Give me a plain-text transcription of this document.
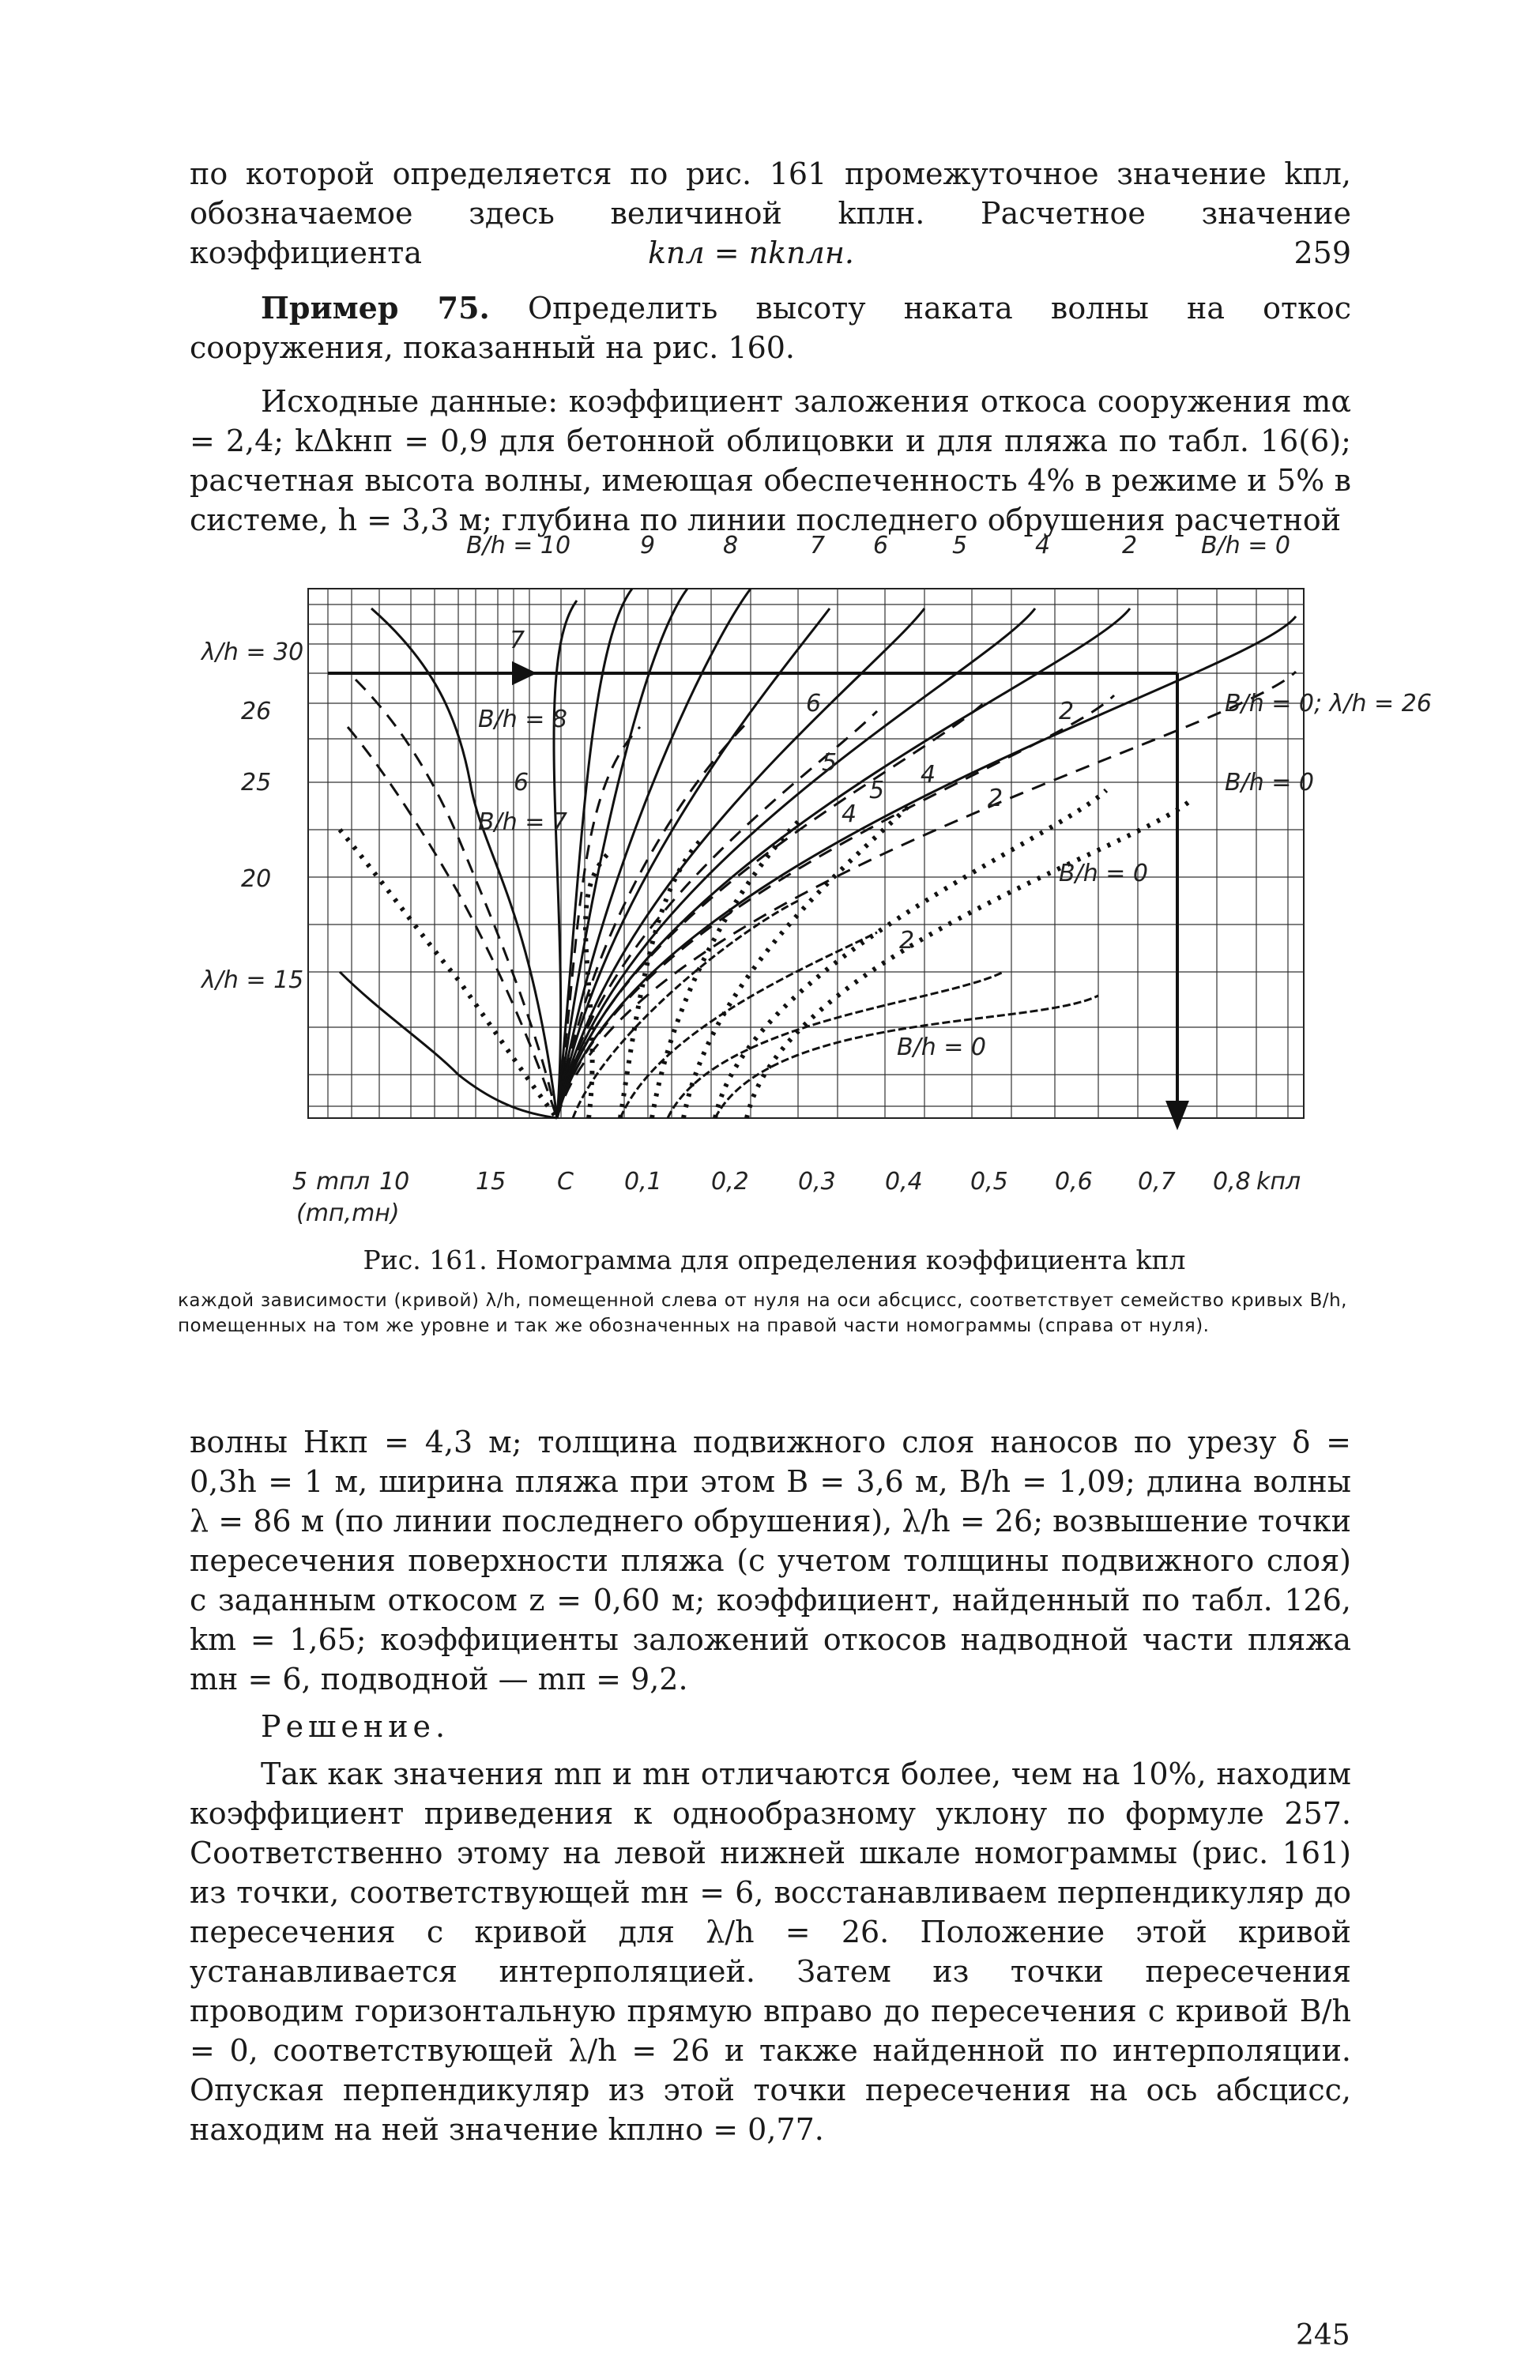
по которой определяется по рис. 161 промежуточное значение kпл, обозначаемое здесь величиной kплн. Расчетное значение коэффициента	kпл = nkплн.	259

Пример 75. Определить высоту наката волны на откос сооружения, показанный на рис. 160.

Исходные данные: коэффициент заложения откоса сооружения mα = 2,4; kΔkнп = 0,9 для бетонной облицовки и для пляжа по табл. 16(6); расчетная высота волны, имеющая обеспеченность 4% в режиме и 5% в системе, h = 3,3 м; глубина по линии последнего обрушения расчетной

5 mпл
(mп,mн)
10	15 C 0,1 0,2 0,3 0,4 0,5 0,6 0,7 0,8 kпл
λ/h = 30
26
25
20
λ/h = 15
B/h = 10	9	8	7 6	5	4	2	B/h = 0
B/h = 0; λ/h = 26
B/h = 0
B/h = 0
B/h = 0
7
B/h = 8
6
B/h = 7
6
5	4
2
2
2
4
5
Рис. 161. Номограмма для определения коэффициента kпл
каждой зависимости (кривой) λ/h, помещенной слева от нуля на оси абсцисс, соответствует семейство кривых B/h, помещенных на том же уровне и так же обозначенных на правой части номограммы (справа от нуля).

волны Hкп = 4,3 м; толщина подвижного слоя наносов по урезу δ = 0,3h = 1 м, ширина пляжа при этом B = 3,6 м, B/h = 1,09; длина волны λ = 86 м (по линии последнего обрушения), λ/h = 26; возвышение точки пересечения поверхности пляжа (с учетом толщины подвижного слоя) с заданным откосом z = 0,60 м; коэффициент, найденный по табл. 126, km = 1,65; коэффициенты заложений откосов надводной части пляжа mн = 6, подводной — mп = 9,2.

Решение.

Так как значения mп и mн отличаются более, чем на 10%, находим коэффициент приведения к однообразному уклону по формуле 257. Соответственно этому на левой нижней шкале номограммы (рис. 161) из точки, соответствующей mн = 6, восстанавливаем перпендикуляр до пересечения с кривой для λ/h = 26. Положение этой кривой устанавливается интерполяцией. Затем из точки пересечения проводим горизонтальную прямую вправо до пересечения с кривой B/h = 0, соответствующей λ/h = 26 и также найденной по интерполяции. Опуская перпендикуляр из этой точки пересечения на ось абсцисс, находим на ней значение kплно = 0,77.

245
